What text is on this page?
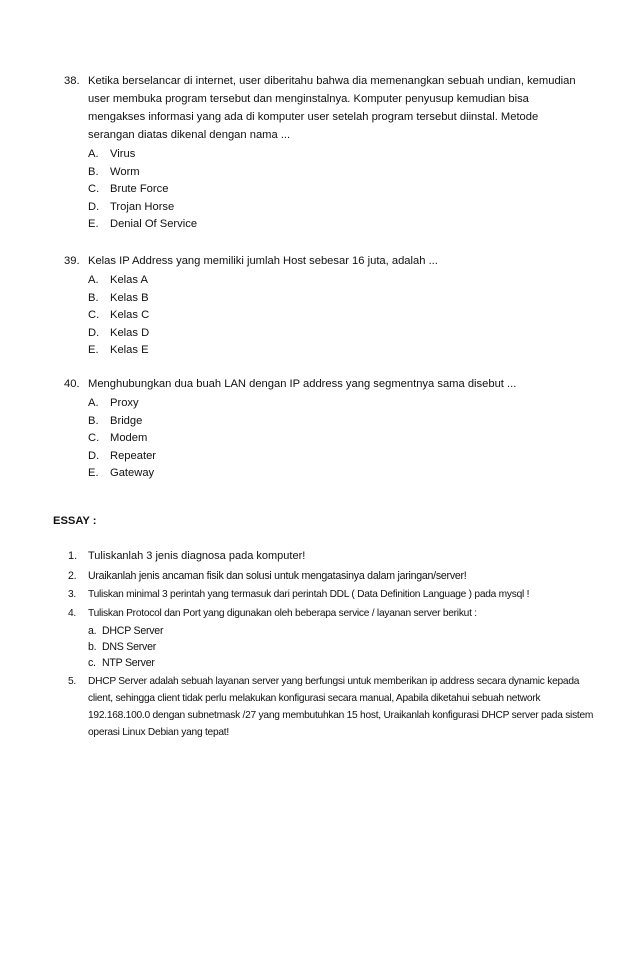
38. Ketika berselancar di internet, user diberitahu bahwa dia memenangkan sebuah undian, kemudian user membuka program tersebut dan menginstalnya. Komputer penyusup kemudian bisa mengakses informasi yang ada di komputer user setelah program tersebut diinstal. Metode serangan diatas dikenal dengan nama ...
A. Virus
B. Worm
C. Brute Force
D. Trojan Horse
E. Denial Of Service
39. Kelas IP Address yang memiliki jumlah Host sebesar 16 juta, adalah ...
A. Kelas A
B. Kelas B
C. Kelas C
D. Kelas D
E. Kelas E
40. Menghubungkan dua buah LAN dengan IP address yang segmentnya sama disebut ...
A. Proxy
B. Bridge
C. Modem
D. Repeater
E. Gateway
ESSAY :
1. Tuliskanlah 3 jenis diagnosa pada komputer!
2. Uraikanlah jenis ancaman fisik dan solusi untuk mengatasinya dalam jaringan/server!
3. Tuliskan minimal 3 perintah yang termasuk dari perintah DDL ( Data Definition Language ) pada mysql !
4. Tuliskan Protocol dan Port yang digunakan oleh beberapa service / layanan server berikut :
a. DHCP Server
b. DNS Server
c. NTP Server
5. DHCP Server adalah sebuah layanan server yang berfungsi untuk memberikan ip address secara dynamic kepada client, sehingga client tidak perlu melakukan konfigurasi secara manual, Apabila diketahui sebuah network 192.168.100.0 dengan subnetmask /27 yang membutuhkan 15 host, Uraikanlah konfigurasi DHCP server pada sistem operasi Linux Debian yang tepat!
